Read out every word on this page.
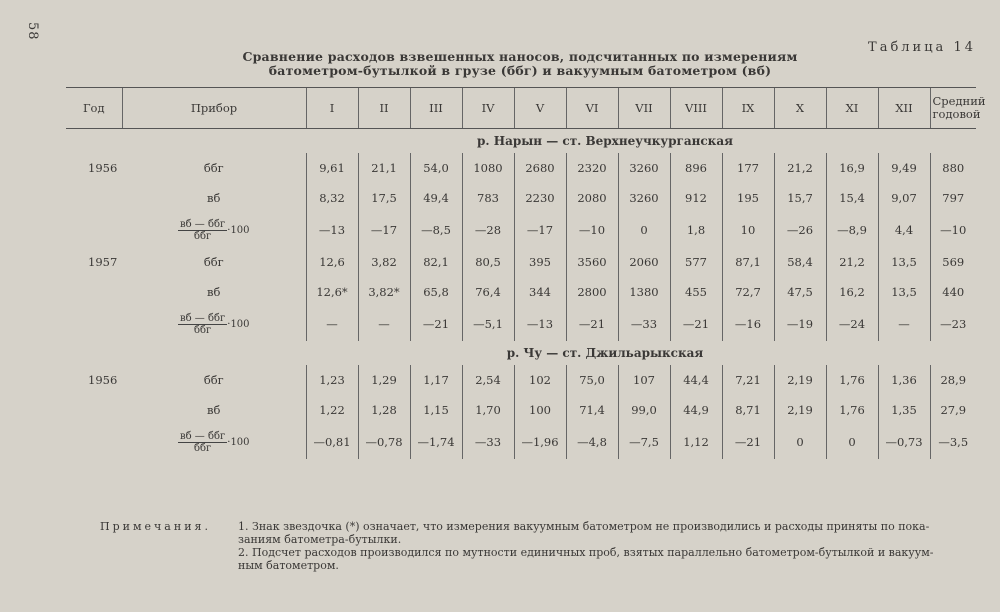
58
Таблица 14
Сравнение расходов взвешенных наносов, подсчитанных по измерениям
батометром-бутылкой в грузе (ббг) и вакуумным батометром (вб)
Год	Прибор	I	II	III	IV	V	VI	VII	VIII	IX	X	XI	XII	Средний годовой
р. Нарын — ст. Верхнеучкурганская														
1956	ббг	9,61	21,1	54,0	1080	2680	2320	3260	896	177	21,2	16,9	9,49	880
	вб	8,32	17,5	49,4	783	2230	2080	3260	912	195	15,7	15,4	9,07	797

	$\frac{\text{вб — ббг}}{\text{ббг}} \cdot 100$	—13	—17	—8,5	—28	—17	—10	0	1,8	10	—26	—8,9	4,4	—10
1957	ббг	12,6	3,82	82,1	80,5	395	3560	2060	577	87,1	58,4	21,2	13,5	569
	вб	12,6*	3,82*	65,8	76,4	344	2800	1380	455	72,7	47,5	16,2	13,5	440

	$\frac{\text{вб — ббг}}{\text{ббг}} \cdot 100$	—	—	—21	—5,1	—13	—21	—33	—21	—16	—19	—24	—	—23
р. Чу — ст. Джильарыкская														
1956	ббг	1,23	1,29	1,17	2,54	102	75,0	107	44,4	7,21	2,19	1,76	1,36	28,9
	вб	1,22	1,28	1,15	1,70	100	71,4	99,0	44,9	8,71	2,19	1,76	1,35	27,9

	$\frac{\text{вб — ббг}}{\text{ббг}} \cdot 100$	—0,81	—0,78	—1,74	—33	—1,96	—4,8	—7,5	1,12	—21	0	0	—0,73	—3,5
Примечания.	1. Знак звездочка (*) означает, что измерения вакуумным батометром не производились и расходы приняты по пока-
заниям батометра-бутылки.
2. Подсчет расходов производился по мутности единичных проб, взятых параллельно батометром-бутылкой и вакуум-
ным батометром.
